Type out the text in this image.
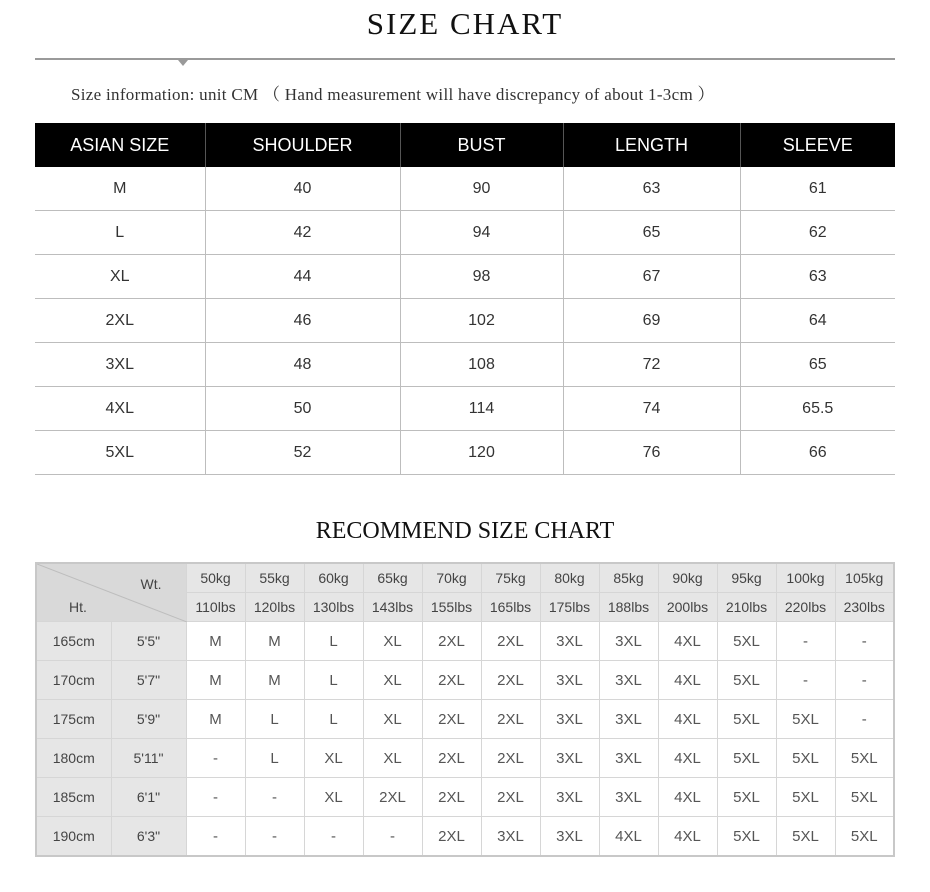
SIZE CHART
Size information: unit CM （ Hand measurement will have discrepancy of about 1-3cm ）
ASIAN SIZE	SHOULDER	BUST	LENGTH	SLEEVE
M	40	90	63	61
L	42	94	65	62
XL	44	98	67	63
2XL	46	102	69	64
3XL	48	108	72	65
4XL	50	114	74	65.5
5XL	52	120	76	66
RECOMMEND SIZE CHART
Wt.
Ht.		50kg	55kg	60kg	65kg	70kg	75kg	80kg	85kg	90kg	95kg	100kg	105kg
		110lbs	120lbs	130lbs	143lbs	155lbs	165lbs	175lbs	188lbs	200lbs	210lbs	220lbs	230lbs
165cm	5'5"	M	M	L	XL	2XL	2XL	3XL	3XL	4XL	5XL	-	-
170cm	5'7"	M	M	L	XL	2XL	2XL	3XL	3XL	4XL	5XL	-	-
175cm	5'9"	M	L	L	XL	2XL	2XL	3XL	3XL	4XL	5XL	5XL	-
180cm	5'11"	-	L	XL	XL	2XL	2XL	3XL	3XL	4XL	5XL	5XL	5XL
185cm	6'1"	-	-	XL	2XL	2XL	2XL	3XL	3XL	4XL	5XL	5XL	5XL
190cm	6'3"	-	-	-	-	2XL	3XL	3XL	4XL	4XL	5XL	5XL	5XL
